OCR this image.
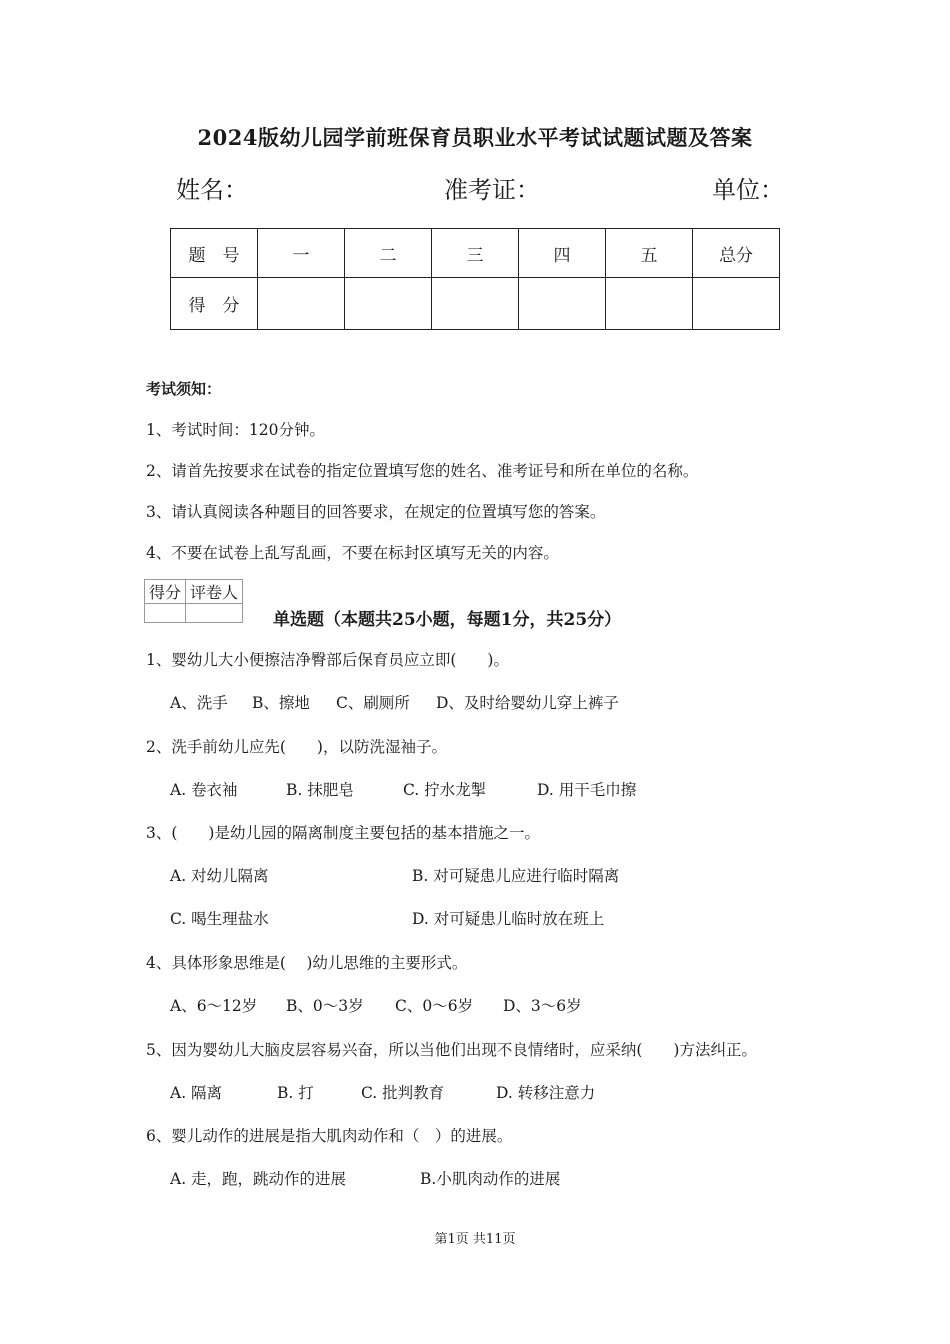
2024版幼儿园学前班保育员职业水平考试试题试题及答案
姓名：	准考证：	单位：
题　号	一	二	三	四	五	总分
得　分						
考试须知：
1、考试时间：120分钟。
2、请首先按要求在试卷的指定位置填写您的姓名、准考证号和所在单位的名称。
3、请认真阅读各种题目的回答要求，在规定的位置填写您的答案。
4、不要在试卷上乱写乱画，不要在标封区填写无关的内容。
得分	评卷人

单选题（本题共25小题，每题1分，共25分）
1、婴幼儿大小便擦洁净臀部后保育员应立即(　　)。
A、洗手 B、擦地 C、刷厕所 D、及时给婴幼儿穿上裤子
2、洗手前幼儿应先(　　)，以防洗湿袖子。
A. 卷衣袖	B. 抹肥皂	C. 拧水龙掣	D. 用干毛巾擦
3、(　　)是幼儿园的隔离制度主要包括的基本措施之一。
A. 对幼儿隔离	B. 对可疑患儿应进行临时隔离
C. 喝生理盐水	D. 对可疑患儿临时放在班上
4、具体形象思维是(　 )幼儿思维的主要形式。
A、6～12岁 B、0～3岁 C、0～6岁 D、3～6岁
5、因为婴幼儿大脑皮层容易兴奋，所以当他们出现不良情绪时，应采纳(　　)方法纠正。
A. 隔离	B. 打	C. 批判教育	D. 转移注意力
6、婴儿动作的进展是指大肌肉动作和（　）的进展。
A. 走，跑，跳动作的进展	B.小肌肉动作的进展
第1页 共11页
